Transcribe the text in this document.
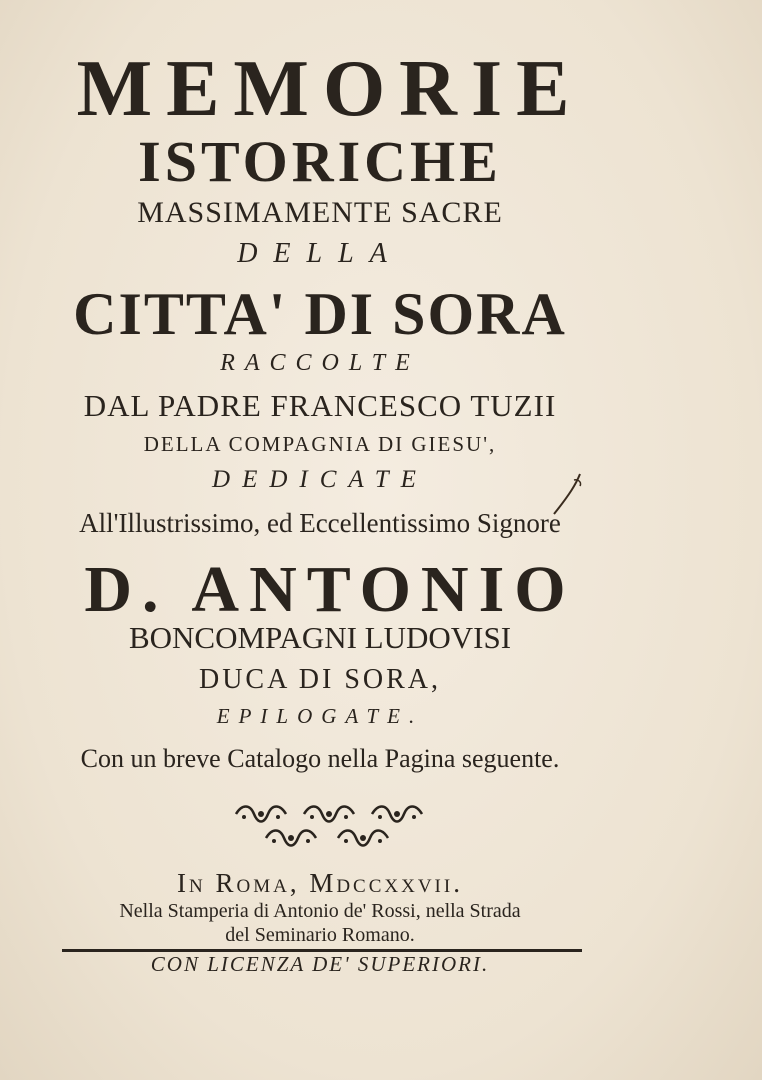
MEMORIE
ISTORICHE
MASSIMAMENTE SACRE
DELLA
CITTA' DI SORA
RACCOLTE
DAL PADRE FRANCESCO TUZII
DELLA COMPAGNIA DI GIESU',
DEDICATE
All'Illustrissimo, ed Eccellentissimo Signore
D. ANTONIO
BONCOMPAGNI LUDOVISI
DUCA DI SORA,
EPILOGATE.
Con un breve Catalogo nella Pagina seguente.
In Roma, Mdccxxvii.
Nella Stamperia di Antonio de' Rossi, nella Strada
del Seminario Romano.
CON LICENZA DE' SUPERIORI.
